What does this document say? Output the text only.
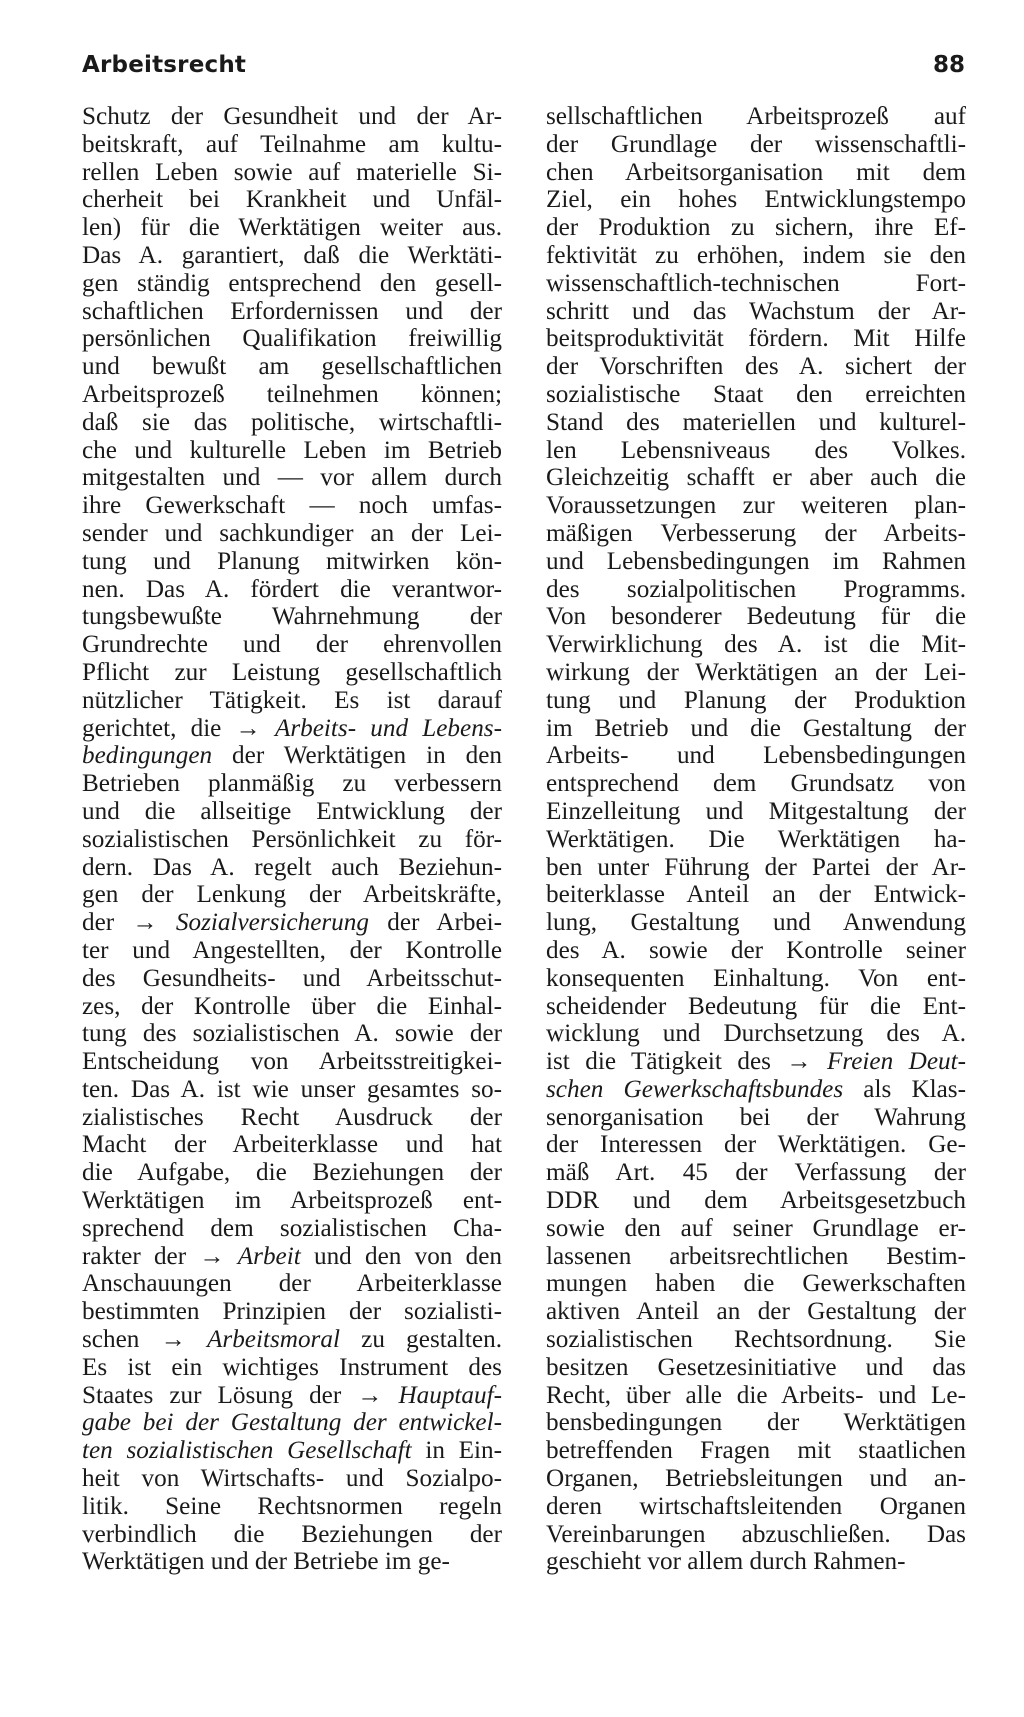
Arbeitsrecht	88
Schutz der Gesundheit und der Ar-
beitskraft, auf Teilnahme am kultu-
rellen Leben sowie auf materielle Si-
cherheit bei Krankheit und Unfäl-
len) für die Werktätigen weiter aus.
Das A. garantiert, daß die Werktäti-
gen ständig entsprechend den gesell-
schaftlichen Erfordernissen und der
persönlichen Qualifikation freiwillig
und bewußt am gesellschaftlichen
Arbeitsprozeß teilnehmen können;
daß sie das politische, wirtschaftli-
che und kulturelle Leben im Betrieb
mitgestalten und — vor allem durch
ihre Gewerkschaft — noch umfas-
sender und sachkundiger an der Lei-
tung und Planung mitwirken kön-
nen. Das A. fördert die verantwor-
tungsbewußte Wahrnehmung der
Grundrechte und der ehrenvollen
Pflicht zur Leistung gesellschaftlich
nützlicher Tätigkeit. Es ist darauf
gerichtet, die → Arbeits- und Lebens-
bedingungen der Werktätigen in den
Betrieben planmäßig zu verbessern
und die allseitige Entwicklung der
sozialistischen Persönlichkeit zu för-
dern. Das A. regelt auch Beziehun-
gen der Lenkung der Arbeitskräfte,
der → Sozialversicherung der Arbei-
ter und Angestellten, der Kontrolle
des Gesundheits- und Arbeitsschut-
zes, der Kontrolle über die Einhal-
tung des sozialistischen A. sowie der
Entscheidung von Arbeitsstreitigkei-
ten. Das A. ist wie unser gesamtes so-
zialistisches Recht Ausdruck der
Macht der Arbeiterklasse und hat
die Aufgabe, die Beziehungen der
Werktätigen im Arbeitsprozeß ent-
sprechend dem sozialistischen Cha-
rakter der → Arbeit und den von den
Anschauungen der Arbeiterklasse
bestimmten Prinzipien der sozialisti-
schen → Arbeitsmoral zu gestalten.
Es ist ein wichtiges Instrument des
Staates zur Lösung der → Hauptauf-
gabe bei der Gestaltung der entwickel-
ten sozialistischen Gesellschaft in Ein-
heit von Wirtschafts- und Sozialpo-
litik. Seine Rechtsnormen regeln
verbindlich die Beziehungen der
Werktätigen und der Betriebe im ge-
sellschaftlichen Arbeitsprozeß auf
der Grundlage der wissenschaftli-
chen Arbeitsorganisation mit dem
Ziel, ein hohes Entwicklungstempo
der Produktion zu sichern, ihre Ef-
fektivität zu erhöhen, indem sie den
wissenschaftlich-technischen Fort-
schritt und das Wachstum der Ar-
beitsproduktivität fördern. Mit Hilfe
der Vorschriften des A. sichert der
sozialistische Staat den erreichten
Stand des materiellen und kulturel-
len Lebensniveaus des Volkes.
Gleichzeitig schafft er aber auch die
Voraussetzungen zur weiteren plan-
mäßigen Verbesserung der Arbeits-
und Lebensbedingungen im Rahmen
des sozialpolitischen Programms.
Von besonderer Bedeutung für die
Verwirklichung des A. ist die Mit-
wirkung der Werktätigen an der Lei-
tung und Planung der Produktion
im Betrieb und die Gestaltung der
Arbeits- und Lebensbedingungen
entsprechend dem Grundsatz von
Einzelleitung und Mitgestaltung der
Werktätigen. Die Werktätigen ha-
ben unter Führung der Partei der Ar-
beiterklasse Anteil an der Entwick-
lung, Gestaltung und Anwendung
des A. sowie der Kontrolle seiner
konsequenten Einhaltung. Von ent-
scheidender Bedeutung für die Ent-
wicklung und Durchsetzung des A.
ist die Tätigkeit des → Freien Deut-
schen Gewerkschaftsbundes als Klas-
senorganisation bei der Wahrung
der Interessen der Werktätigen. Ge-
mäß Art. 45 der Verfassung der
DDR und dem Arbeitsgesetzbuch
sowie den auf seiner Grundlage er-
lassenen arbeitsrechtlichen Bestim-
mungen haben die Gewerkschaften
aktiven Anteil an der Gestaltung der
sozialistischen Rechtsordnung. Sie
besitzen Gesetzesinitiative und das
Recht, über alle die Arbeits- und Le-
bensbedingungen der Werktätigen
betreffenden Fragen mit staatlichen
Organen, Betriebsleitungen und an-
deren wirtschaftsleitenden Organen
Vereinbarungen abzuschließen. Das
geschieht vor allem durch Rahmen-
